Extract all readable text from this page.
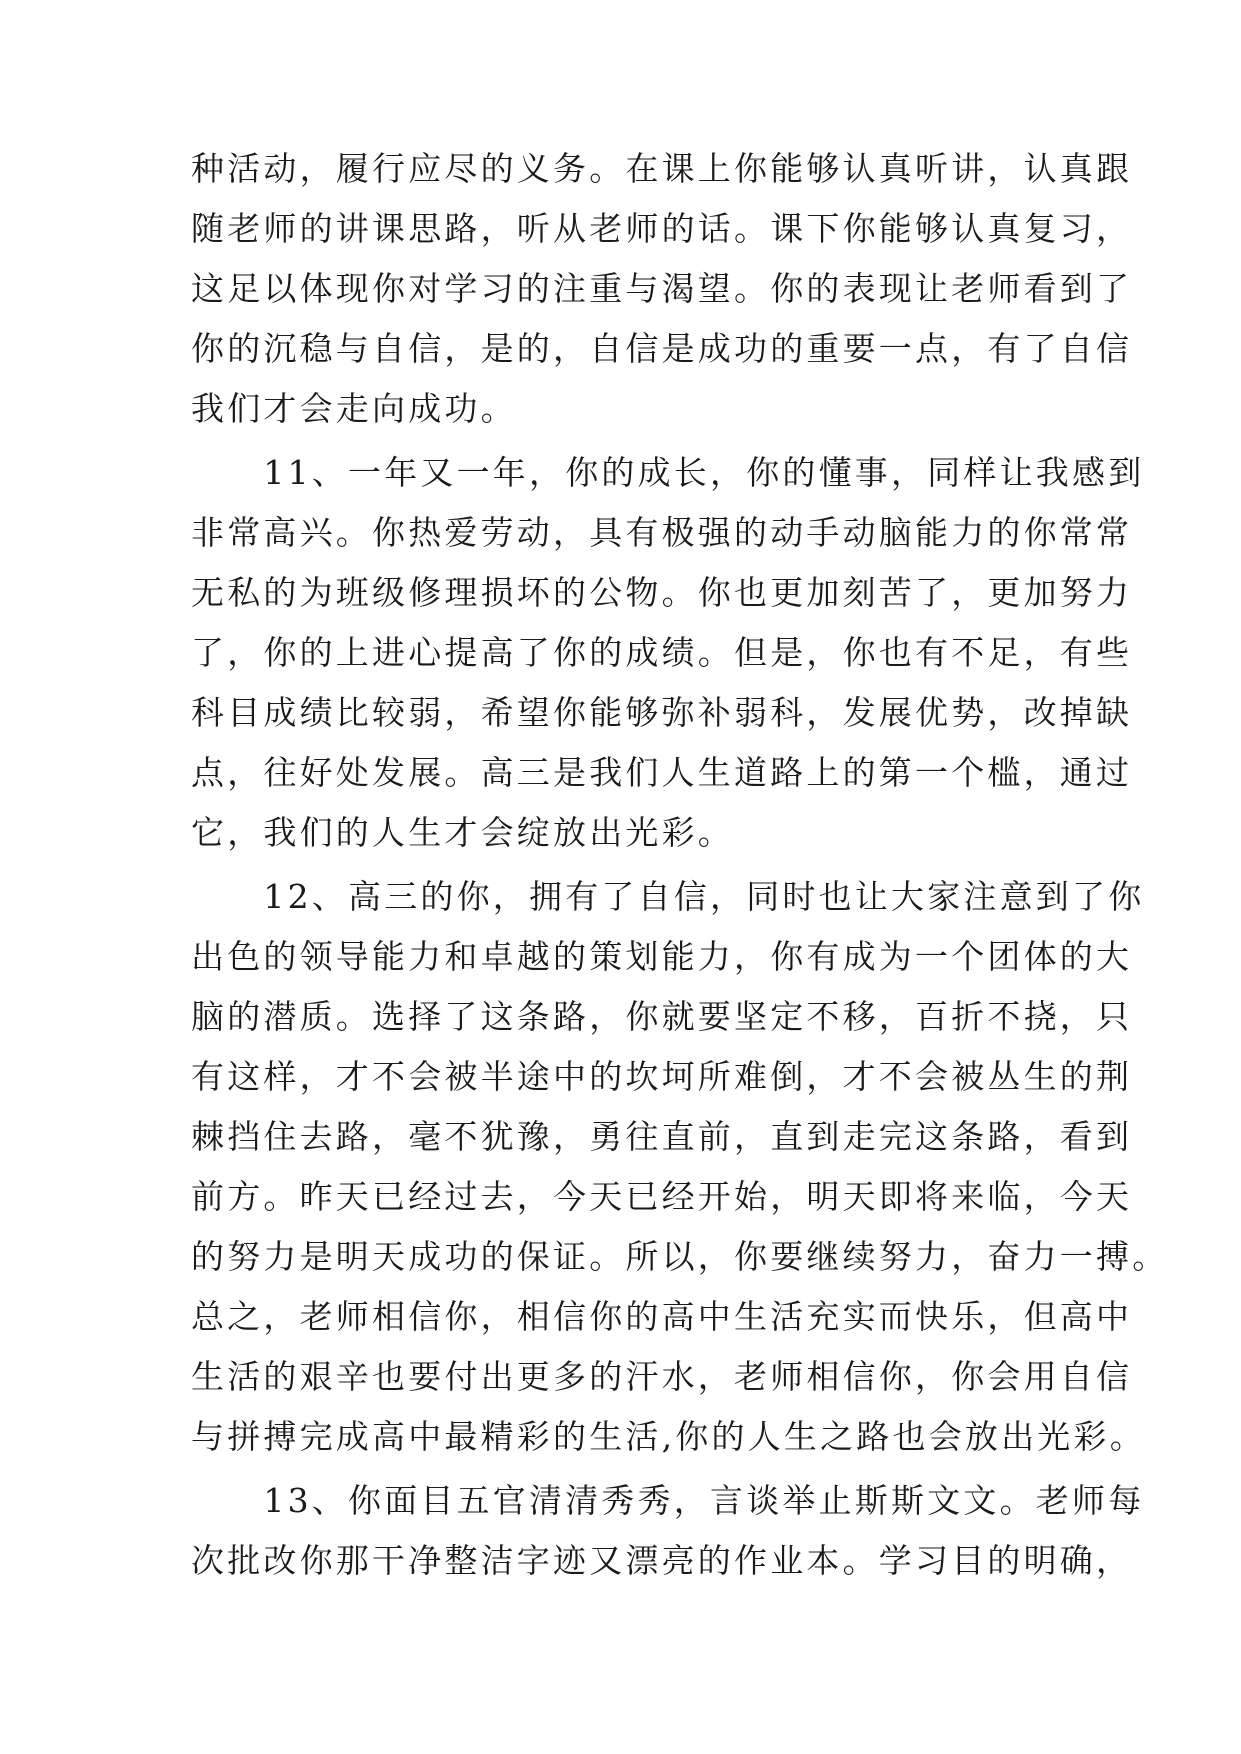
种活动，履行应尽的义务。在课上你能够认真听讲，认真跟
随老师的讲课思路，听从老师的话。课下你能够认真复习，
这足以体现你对学习的注重与渴望。你的表现让老师看到了
你的沉稳与自信，是的，自信是成功的重要一点，有了自信
我们才会走向成功。
　　11、一年又一年，你的成长，你的懂事，同样让我感到
非常高兴。你热爱劳动，具有极强的动手动脑能力的你常常
无私的为班级修理损坏的公物。你也更加刻苦了，更加努力
了，你的上进心提高了你的成绩。但是，你也有不足，有些
科目成绩比较弱，希望你能够弥补弱科，发展优势，改掉缺
点，往好处发展。高三是我们人生道路上的第一个槛，通过
它，我们的人生才会绽放出光彩。
　　12、高三的你，拥有了自信，同时也让大家注意到了你
出色的领导能力和卓越的策划能力，你有成为一个团体的大
脑的潜质。选择了这条路，你就要坚定不移，百折不挠，只
有这样，才不会被半途中的坎坷所难倒，才不会被丛生的荆
棘挡住去路，毫不犹豫，勇往直前，直到走完这条路，看到
前方。昨天已经过去，今天已经开始，明天即将来临，今天
的努力是明天成功的保证。所以，你要继续努力，奋力一搏。
总之，老师相信你，相信你的高中生活充实而快乐，但高中
生活的艰辛也要付出更多的汗水，老师相信你，你会用自信
与拼搏完成高中最精彩的生活,你的人生之路也会放出光彩。
　　13、你面目五官清清秀秀，言谈举止斯斯文文。老师每
次批改你那干净整洁字迹又漂亮的作业本。学习目的明确，
